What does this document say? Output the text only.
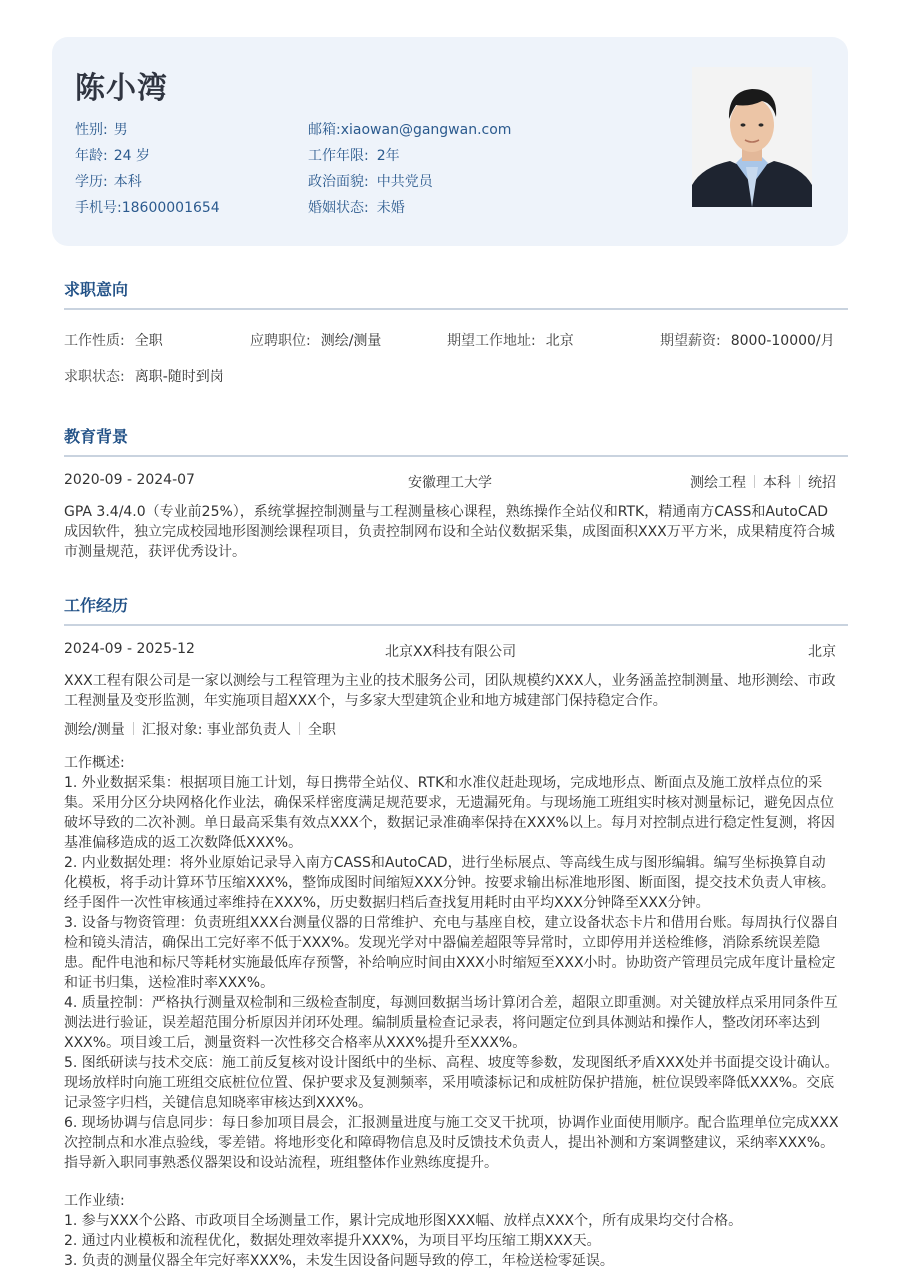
陈小湾
性别: 男
年龄: 24 岁
学历: 本科
手机号:18600001654
邮箱:xiaowan@gangwan.com
工作年限: 2年
政治面貌: 中共党员
婚姻状态: 未婚
求职意向
工作性质: 全职	应聘职位: 测绘/测量	期望工作地址: 北京	期望薪资: 8000-10000/月
求职状态: 离职-随时到岗
教育背景
2020-09 - 2024-07	安徽理工大学	测绘工程 本科 统招

GPA 3.4/4.0（专业前25%），系统掌握控制测量与工程测量核心课程，熟练操作全站仪和RTK，精通南方CASS和AutoCAD成因软件，独立完成校园地形图测绘课程项目，负责控制网布设和全站仪数据采集，成图面积XXX万平方米，成果精度符合城市测量规范，获评优秀设计。

工作经历
2024-09 - 2025-12	北京XX科技有限公司	北京

XXX工程有限公司是一家以测绘与工程管理为主业的技术服务公司，团队规模约XXX人，业务涵盖控制测量、地形测绘、市政工程测量及变形监测，年实施项目超XXX个，与多家大型建筑企业和地方城建部门保持稳定合作。

测绘/测量 汇报对象: 事业部负责人 全职

工作概述:

1. 外业数据采集：根据项目施工计划，每日携带全站仪、RTK和水准仪赶赴现场，完成地形点、断面点及施工放样点位的采集。采用分区分块网格化作业法，确保采样密度满足规范要求，无遗漏死角。与现场施工班组实时核对测量标记，避免因点位破坏导致的二次补测。单日最高采集有效点XXX个，数据记录准确率保持在XXX%以上。每月对控制点进行稳定性复测，将因基准偏移造成的返工次数降低XXX%。

2. 内业数据处理：将外业原始记录导入南方CASS和AutoCAD，进行坐标展点、等高线生成与图形编辑。编写坐标换算自动化模板，将手动计算环节压缩XXX%，整饰成图时间缩短XXX分钟。按要求输出标准地形图、断面图，提交技术负责人审核。经手图件一次性审核通过率维持在XXX%，历史数据归档后查找复用耗时由平均XXX分钟降至XXX分钟。

3. 设备与物资管理：负责班组XXX台测量仪器的日常维护、充电与基座自校，建立设备状态卡片和借用台账。每周执行仪器自检和镜头清洁，确保出工完好率不低于XXX%。发现光学对中器偏差超限等异常时，立即停用并送检维修，消除系统误差隐患。配件电池和标尺等耗材实施最低库存预警，补给响应时间由XXX小时缩短至XXX小时。协助资产管理员完成年度计量检定和证书归集，送检准时率XXX%。

4. 质量控制：严格执行测量双检制和三级检查制度，每测回数据当场计算闭合差，超限立即重测。对关键放样点采用同条件互测法进行验证，误差超范围分析原因并闭环处理。编制质量检查记录表，将问题定位到具体测站和操作人，整改闭环率达到XXX%。项目竣工后，测量资料一次性移交合格率从XXX%提升至XXX%。

5. 图纸研读与技术交底：施工前反复核对设计图纸中的坐标、高程、坡度等参数，发现图纸矛盾XXX处并书面提交设计确认。现场放样时向施工班组交底桩位位置、保护要求及复测频率，采用喷漆标记和成桩防保护措施，桩位误毁率降低XXX%。交底记录签字归档，关键信息知晓率审核达到XXX%。

6. 现场协调与信息同步：每日参加项目晨会，汇报测量进度与施工交叉干扰项，协调作业面使用顺序。配合监理单位完成XXX次控制点和水准点验线，零差错。将地形变化和障碍物信息及时反馈技术负责人，提出补测和方案调整建议，采纳率XXX%。指导新入职同事熟悉仪器架设和设站流程，班组整体作业熟练度提升。

工作业绩:

1. 参与XXX个公路、市政项目全场测量工作，累计完成地形图XXX幅、放样点XXX个，所有成果均交付合格。

2. 通过内业模板和流程优化，数据处理效率提升XXX%，为项目平均压缩工期XXX天。

3. 负责的测量仪器全年完好率XXX%，未发生因设备问题导致的停工，年检送检零延误。
